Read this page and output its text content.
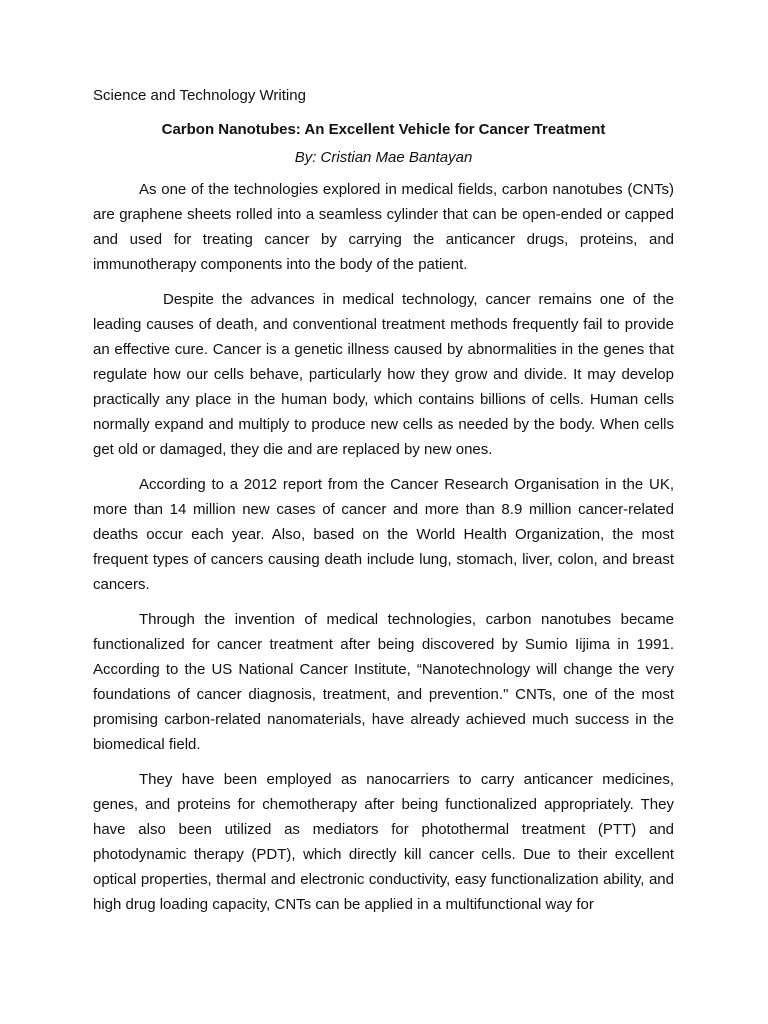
Science and Technology Writing
Carbon Nanotubes: An Excellent Vehicle for Cancer Treatment
By: Cristian Mae Bantayan

As one of the technologies explored in medical fields, carbon nanotubes (CNTs) are graphene sheets rolled into a seamless cylinder that can be open-ended or capped and used for treating cancer by carrying the anticancer drugs, proteins, and immunotherapy components into the body of the patient.

Despite the advances in medical technology, cancer remains one of the leading causes of death, and conventional treatment methods frequently fail to provide an effective cure. Cancer is a genetic illness caused by abnormalities in the genes that regulate how our cells behave, particularly how they grow and divide. It may develop practically any place in the human body, which contains billions of cells. Human cells normally expand and multiply to produce new cells as needed by the body. When cells get old or damaged, they die and are replaced by new ones.

According to a 2012 report from the Cancer Research Organisation in the UK, more than 14 million new cases of cancer and more than 8.9 million cancer-related deaths occur each year. Also, based on the World Health Organization, the most frequent types of cancers causing death include lung, stomach, liver, colon, and breast cancers.

Through the invention of medical technologies, carbon nanotubes became functionalized for cancer treatment after being discovered by Sumio Iijima in 1991. According to the US National Cancer Institute, “Nanotechnology will change the very foundations of cancer diagnosis, treatment, and prevention." CNTs, one of the most promising carbon-related nanomaterials, have already achieved much success in the biomedical field.

They have been employed as nanocarriers to carry anticancer medicines, genes, and proteins for chemotherapy after being functionalized appropriately. They have also been utilized as mediators for photothermal treatment (PTT) and photodynamic therapy (PDT), which directly kill cancer cells. Due to their excellent optical properties, thermal and electronic conductivity, easy functionalization ability, and high drug loading capacity, CNTs can be applied in a multifunctional way for
